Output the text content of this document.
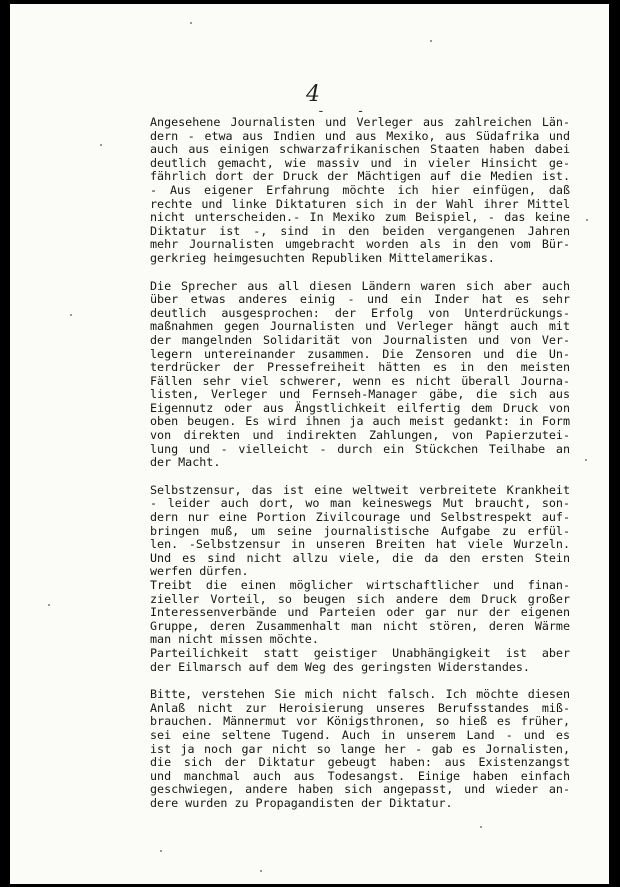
4
- -
Angesehene Journalisten und Verleger aus zahlreichen Län-
dern - etwa aus Indien und aus Mexiko, aus Südafrika und
auch aus einigen schwarzafrikanischen Staaten haben dabei
deutlich gemacht, wie massiv und in vieler Hinsicht ge-
fährlich dort der Druck der Mächtigen auf die Medien ist.
- Aus eigener Erfahrung möchte ich hier einfügen, daß
rechte und linke Diktaturen sich in der Wahl ihrer Mittel
nicht unterscheiden.- In Mexiko zum Beispiel, - das keine
Diktatur ist -, sind in den beiden vergangenen Jahren
mehr Journalisten umgebracht worden als in den vom Bür-
gerkrieg heimgesuchten Republiken Mittelamerikas.
Die Sprecher aus all diesen Ländern waren sich aber auch
über etwas anderes einig - und ein Inder hat es sehr
deutlich ausgesprochen: der Erfolg von Unterdrückungs-
maßnahmen gegen Journalisten und Verleger hängt auch mit
der mangelnden Solidarität von Journalisten und von Ver-
legern untereinander zusammen. Die Zensoren und die Un-
terdrücker der Pressefreiheit hätten es in den meisten
Fällen sehr viel schwerer, wenn es nicht überall Journa-
listen, Verleger und Fernseh-Manager gäbe, die sich aus
Eigennutz oder aus Ängstlichkeit eilfertig dem Druck von
oben beugen. Es wird ihnen ja auch meist gedankt: in Form
von direkten und indirekten Zahlungen, von Papierzutei-
lung und - vielleicht - durch ein Stückchen Teilhabe an
der Macht.
Selbstzensur, das ist eine weltweit verbreitete Krankheit
- leider auch dort, wo man keineswegs Mut braucht, son-
dern nur eine Portion Zivilcourage und Selbstrespekt auf-
bringen muß, um seine journalistische Aufgabe zu erfül-
len. -Selbstzensur in unseren Breiten hat viele Wurzeln.
Und es sind nicht allzu viele, die da den ersten Stein
werfen dürfen.
Treibt die einen möglicher wirtschaftlicher und finan-
zieller Vorteil, so beugen sich andere dem Druck großer
Interessenverbände und Parteien oder gar nur der eigenen
Gruppe, deren Zusammenhalt man nicht stören, deren Wärme
man nicht missen möchte.
Parteilichkeit statt geistiger Unabhängigkeit ist aber
der Eilmarsch auf dem Weg des geringsten Widerstandes.
Bitte, verstehen Sie mich nicht falsch. Ich möchte diesen
Anlaß nicht zur Heroisierung unseres Berufsstandes miß-
brauchen. Männermut vor Königsthronen, so hieß es früher,
sei eine seltene Tugend. Auch in unserem Land - und es
ist ja noch gar nicht so lange her - gab es Jornalisten,
die sich der Diktatur gebeugt haben: aus Existenzangst
und manchmal auch aus Todesangst. Einige haben einfach
geschwiegen, andere haben sich angepasst, und wieder an-
dere wurden zu Propagandisten der Diktatur.
